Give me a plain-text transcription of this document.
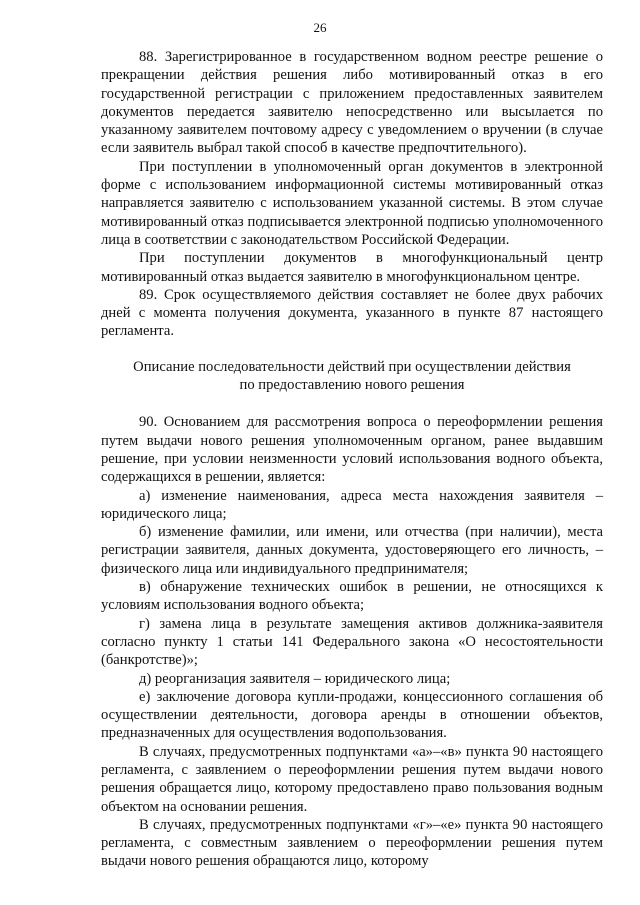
26

88. Зарегистрированное в государственном водном реестре решение о прекращении действия решения либо мотивированный отказ в его государственной регистрации с приложением предоставленных заявителем документов передается заявителю непосредственно или высылается по указанному заявителем почтовому адресу с уведомлением о вручении (в случае если заявитель выбрал такой способ в качестве предпочтительного).

При поступлении в уполномоченный орган документов в электронной форме с использованием информационной системы мотивированный отказ направляется заявителю с использованием указанной системы. В этом случае мотивированный отказ подписывается электронной подписью уполномоченного лица в соответствии с законодательством Российской Федерации.

При поступлении документов в многофункциональный центр мотивированный отказ выдается заявителю в многофункциональном центре.

89. Срок осуществляемого действия составляет не более двух рабочих дней с момента получения документа, указанного в пункте 87 настоящего регламента.

Описание последовательности действий при осуществлении действия
по предоставлению нового решения

90. Основанием для рассмотрения вопроса о переоформлении решения путем выдачи нового решения уполномоченным органом, ранее выдавшим решение, при условии неизменности условий использования водного объекта, содержащихся в решении, является:

а) изменение наименования, адреса места нахождения заявителя – юридического лица;

б) изменение фамилии, или имени, или отчества (при наличии), места регистрации заявителя, данных документа, удостоверяющего его личность, – физического лица или индивидуального предпринимателя;

в) обнаружение технических ошибок в решении, не относящихся к условиям использования водного объекта;

г) замена лица в результате замещения активов должника-заявителя согласно пункту 1 статьи 141 Федерального закона «О несостоятельности (банкротстве)»;

д) реорганизация заявителя – юридического лица;

е) заключение договора купли-продажи, концессионного соглашения об осуществлении деятельности, договора аренды в отношении объектов, предназначенных для осуществления водопользования.

В случаях, предусмотренных подпунктами «а»–«в» пункта 90 настоящего регламента, с заявлением о переоформлении решения путем выдачи нового решения обращается лицо, которому предоставлено право пользования водным объектом на основании решения.

В случаях, предусмотренных подпунктами «г»–«е» пункта 90 настоящего регламента, с совместным заявлением о переоформлении решения путем выдачи нового решения обращаются лицо, которому
